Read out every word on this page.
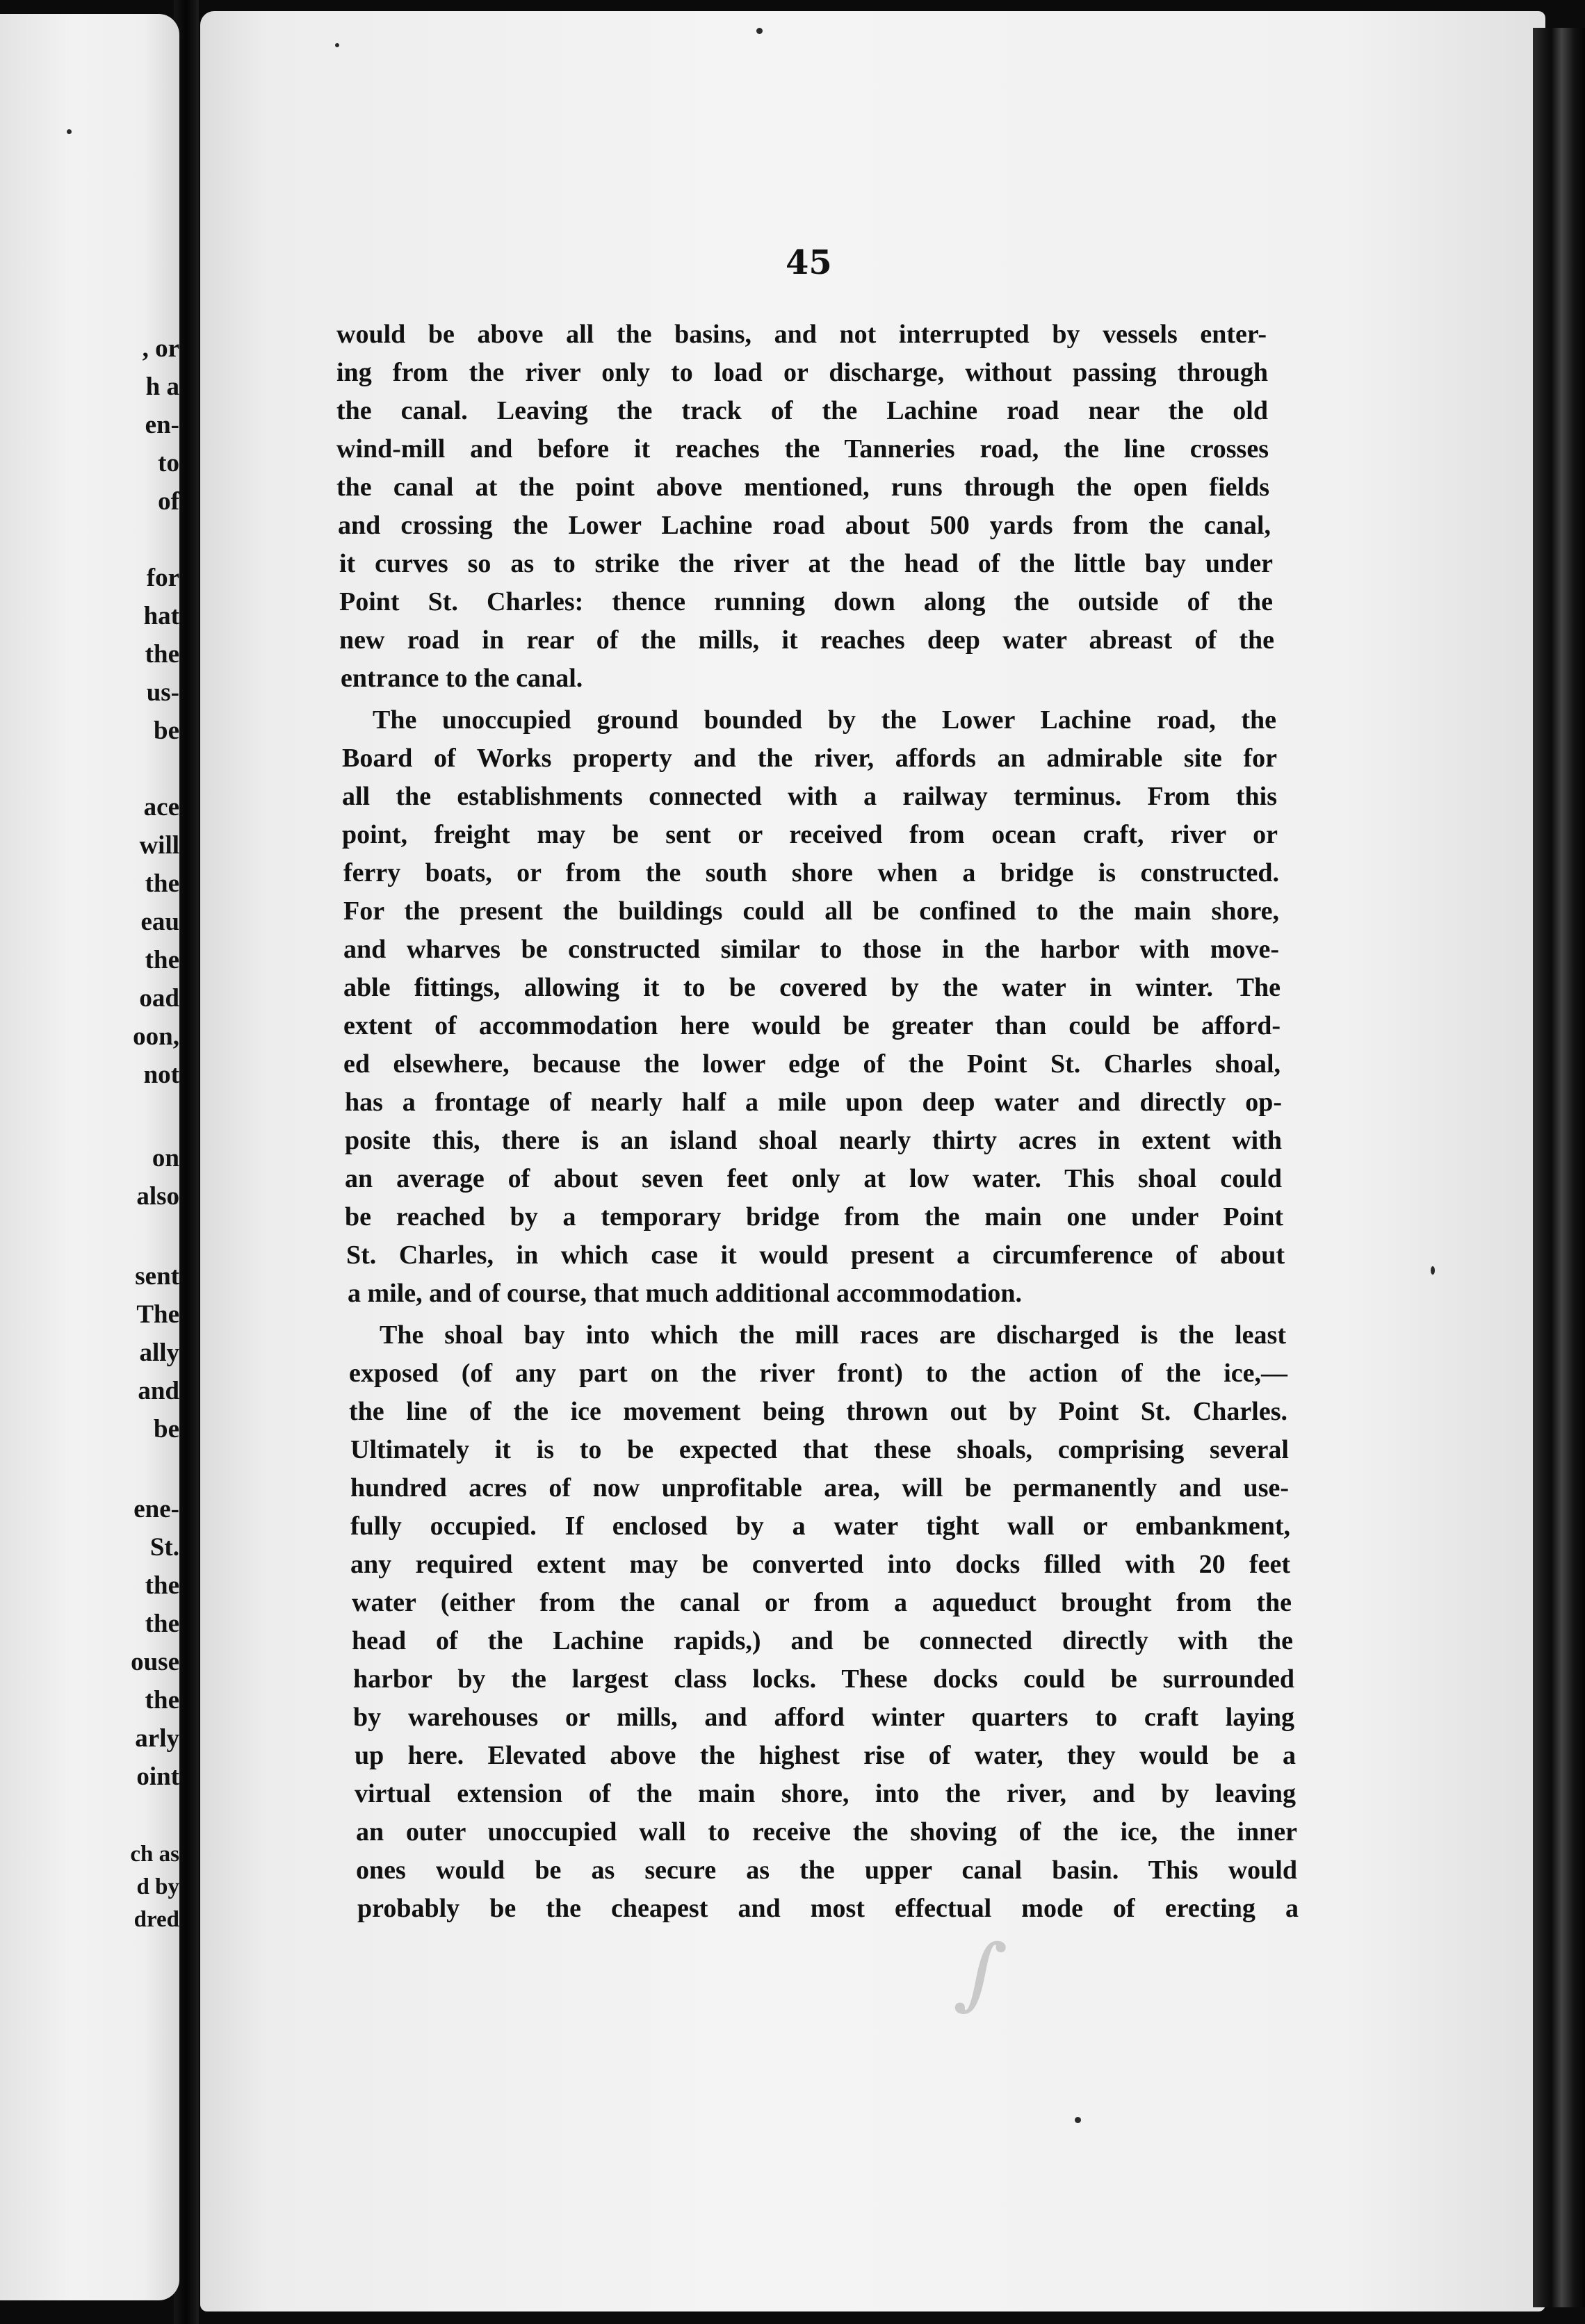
, or

h a

en-

to

of

for

hat

the

us-

be

ace

will

the

eau

the

oad

oon,

not

on

also

sent

The

ally

and

be

ene-

St.

the

the

ouse

the

arly

oint

ch as

d by

dred

45

would be above all the basins, and not interrupted by vessels enter-

ing from the river only to load or discharge, without passing through

the canal. Leaving the track of the Lachine road near the old

wind-mill and before it reaches the Tanneries road, the line crosses

the canal at the point above mentioned, runs through the open fields

and crossing the Lower Lachine road about 500 yards from the canal,

it curves so as to strike the river at the head of the little bay under

Point St. Charles: thence running down along the outside of the

new road in rear of the mills, it reaches deep water abreast of the

entrance to the canal.

The unoccupied ground bounded by the Lower Lachine road, the

Board of Works property and the river, affords an admirable site for

all the establishments connected with a railway terminus. From this

point, freight may be sent or received from ocean craft, river or

ferry boats, or from the south shore when a bridge is constructed.

For the present the buildings could all be confined to the main shore,

and wharves be constructed similar to those in the harbor with move-

able fittings, allowing it to be covered by the water in winter. The

extent of accommodation here would be greater than could be afford-

ed elsewhere, because the lower edge of the Point St. Charles shoal,

has a frontage of nearly half a mile upon deep water and directly op-

posite this, there is an island shoal nearly thirty acres in extent with

an average of about seven feet only at low water. This shoal could

be reached by a temporary bridge from the main one under Point

St. Charles, in which case it would present a circumference of about

a mile, and of course, that much additional accommodation.

The shoal bay into which the mill races are discharged is the least

exposed (of any part on the river front) to the action of the ice,—

the line of the ice movement being thrown out by Point St. Charles.

Ultimately it is to be expected that these shoals, comprising several

hundred acres of now unprofitable area, will be permanently and use-

fully occupied. If enclosed by a water tight wall or embankment,

any required extent may be converted into docks filled with 20 feet

water (either from the canal or from a aqueduct brought from the

head of the Lachine rapids,) and be connected directly with the

harbor by the largest class locks. These docks could be surrounded

by warehouses or mills, and afford winter quarters to craft laying

up here. Elevated above the highest rise of water, they would be a

virtual extension of the main shore, into the river, and by leaving

an outer unoccupied wall to receive the shoving of the ice, the inner

ones would be as secure as the upper canal basin. This would

probably be the cheapest and most effectual mode of erecting a

∫
